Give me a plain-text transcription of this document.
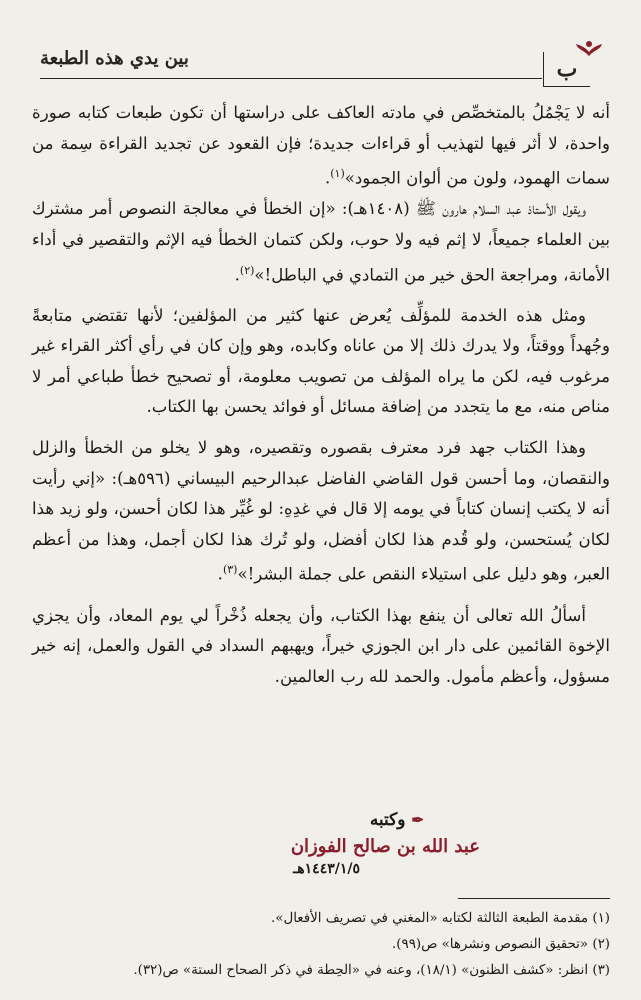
بين يدي هذه الطبعة	ب

أنه لا يَجْمُلُ بالمتخصِّص في مادته العاكف على دراستها أن تكون طبعات كتابه صورة واحدة، لا أثر فيها لتهذيب أو قراءات جديدة؛ فإن القعود عن تجديد القراءة سِمة من سمات الهمود، ولون من ألوان الجمود»$^{(١)}$.

ويقول الأستاذ عبد السلام هارون ﷺ (١٤٠٨هـ): «إن الخطأ في معالجة النصوص أمر مشترك بين العلماء جميعاً، لا إثم فيه ولا حوب، ولكن كتمان الخطأ فيه الإثم والتقصير في أداء الأمانة، ومراجعة الحق خير من التمادي في الباطل!»$^{(٢)}$.

ومثل هذه الخدمة للمؤلِّف يُعرض عنها كثير من المؤلفين؛ لأنها تقتضي متابعةً وجُهداً ووقتاً، ولا يدرك ذلك إلا من عاناه وكابده، وهو وإن كان في رأي أكثر القراء غير مرغوب فيه، لكن ما يراه المؤلف من تصويب معلومة، أو تصحيح خطأ طباعي أمر لا مناص منه، مع ما يتجدد من إضافة مسائل أو فوائد يحسن بها الكتاب.

وهذا الكتاب جهد فرد معترف بقصوره وتقصيره، وهو لا يخلو من الخطأ والزلل والنقصان، وما أحسن قول القاضي الفاضل عبدالرحيم البيساني (٥٩٦هـ): «إني رأيت أنه لا يكتب إنسان كتاباً في يومه إلا قال في غدِهِ: لو غُيِّر هذا لكان أحسن، ولو زيد هذا لكان يُستحسن، ولو قُدم هذا لكان أفضل، ولو تُرك هذا لكان أجمل، وهذا من أعظم العبر، وهو دليل على استيلاء النقص على جملة البشر!»$^{(٣)}$.

أسألُ الله تعالى أن ينفع بهذا الكتاب، وأن يجعله ذُخْراً لي يوم المعاد، وأن يجزي الإخوة القائمين على دار ابن الجوزي خيراً، ويهبهم السداد في القول والعمل، إنه خير مسؤول، وأعظم مأمول. والحمد لله رب العالمين.

✒ وكتبه
عبد الله بن صالح الفوزان
١٤٤٣/١/٥هـ
(١) مقدمة الطبعة الثالثة لكتابه «المغني في تصريف الأفعال».
(٢) «تحقيق النصوص ونشرها» ص(٩٩).
(٣) انظر: «كشف الظنون» (١٨/١)، وعنه في «الحِطة في ذكر الصحاح الستة» ص(٣٢).
